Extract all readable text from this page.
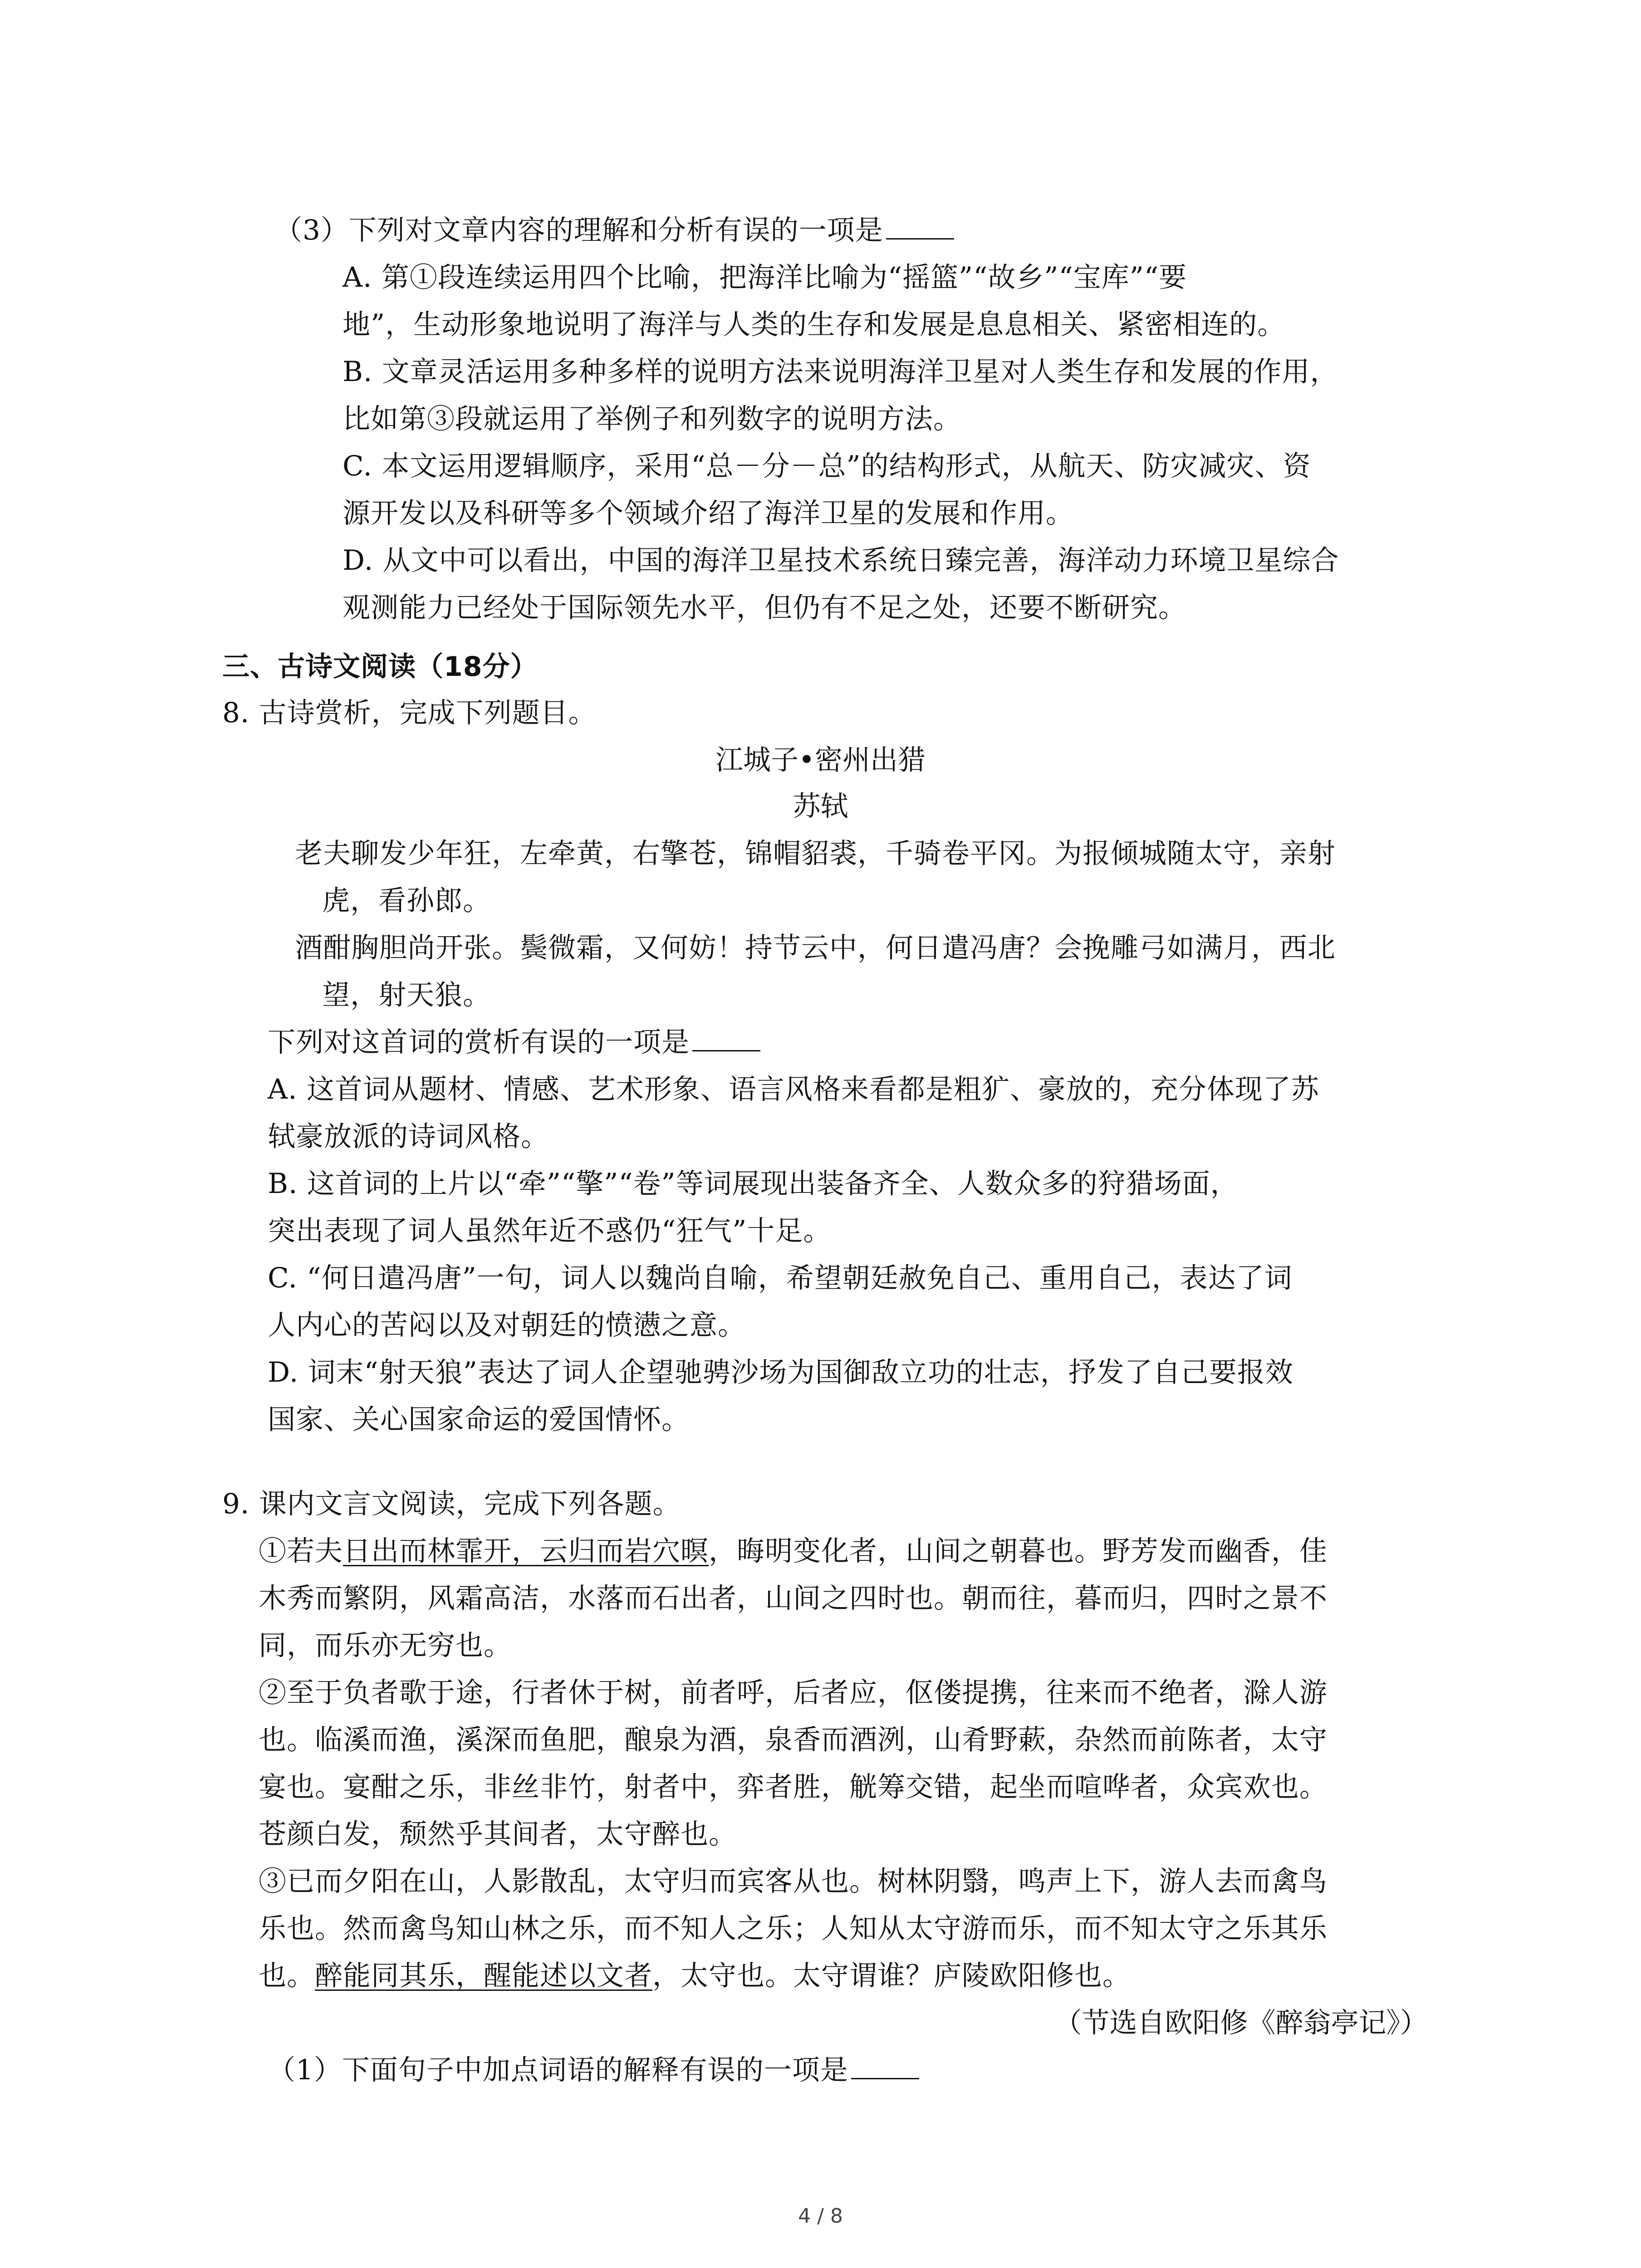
（3）下列对文章内容的理解和分析有误的一项是
A. 第①段连续运用四个比喻，把海洋比喻为“摇篮”“故乡”“宝库”“要
地”，生动形象地说明了海洋与人类的生存和发展是息息相关、紧密相连的。
B. 文章灵活运用多种多样的说明方法来说明海洋卫星对人类生存和发展的作用，
比如第③段就运用了举例子和列数字的说明方法。
C. 本文运用逻辑顺序，采用“总－分－总”的结构形式，从航天、防灾减灾、资
源开发以及科研等多个领域介绍了海洋卫星的发展和作用。
D. 从文中可以看出，中国的海洋卫星技术系统日臻完善，海洋动力环境卫星综合
观测能力已经处于国际领先水平，但仍有不足之处，还要不断研究。
三、古诗文阅读（18分）
8. 古诗赏析，完成下列题目。
江城子•密州出猎
苏轼
老夫聊发少年狂，左牵黄，右擎苍，锦帽貂裘，千骑卷平冈。为报倾城随太守，亲射
虎，看孙郎。
酒酣胸胆尚开张。鬓微霜，又何妨！持节云中，何日遣冯唐？会挽雕弓如满月，西北
望，射天狼。
下列对这首词的赏析有误的一项是
A. 这首词从题材、情感、艺术形象、语言风格来看都是粗犷、豪放的，充分体现了苏
轼豪放派的诗词风格。
B. 这首词的上片以“牵”“擎”“卷”等词展现出装备齐全、人数众多的狩猎场面，
突出表现了词人虽然年近不惑仍“狂气”十足。
C. “何日遣冯唐”一句，词人以魏尚自喻，希望朝廷赦免自己、重用自己，表达了词
人内心的苦闷以及对朝廷的愤懑之意。
D. 词末“射天狼”表达了词人企望驰骋沙场为国御敌立功的壮志，抒发了自己要报效
国家、关心国家命运的爱国情怀。
9. 课内文言文阅读，完成下列各题。
①若夫日出而林霏开，云归而岩穴暝，晦明变化者，山间之朝暮也。野芳发而幽香，佳
木秀而繁阴，风霜高洁，水落而石出者，山间之四时也。朝而往，暮而归，四时之景不
同，而乐亦无穷也。
②至于负者歌于途，行者休于树，前者呼，后者应，伛偻提携，往来而不绝者，滁人游
也。临溪而渔，溪深而鱼肥，酿泉为酒，泉香而酒洌，山肴野蔌，杂然而前陈者，太守
宴也。宴酣之乐，非丝非竹，射者中，弈者胜，觥筹交错，起坐而喧哗者，众宾欢也。
苍颜白发，颓然乎其间者，太守醉也。
③已而夕阳在山，人影散乱，太守归而宾客从也。树林阴翳，鸣声上下，游人去而禽鸟
乐也。然而禽鸟知山林之乐，而不知人之乐；人知从太守游而乐，而不知太守之乐其乐
也。醉能同其乐，醒能述以文者，太守也。太守谓谁？庐陵欧阳修也。
（节选自欧阳修《醉翁亭记》）
（1）下面句子中加点词语的解释有误的一项是
4 / 8
